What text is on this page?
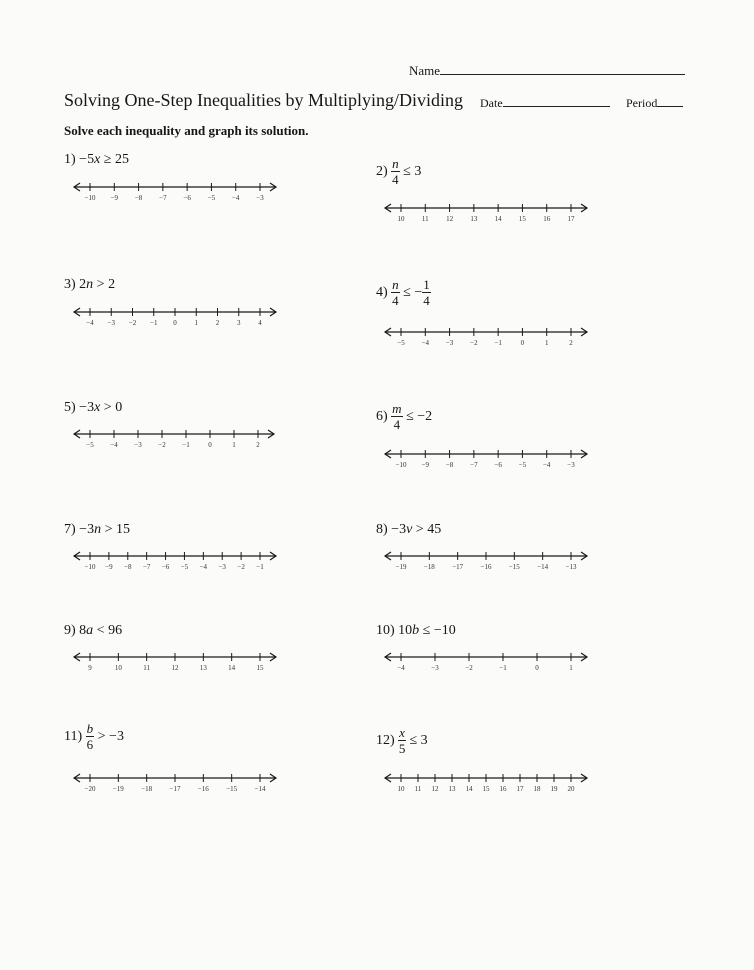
Name
Solving One-Step Inequalities by Multiplying/Dividing Date	Period
Solve each inequality and graph its solution.
1) −5x ≥ 25
−10 −9 −8 −7 −6 −5 −4 −3
3) 2n > 2
−4 −3 −2 −1 0	1	2	3	4
5) −3x > 0
−5 −4 −3 −2 −1	0	1	2
7) −3n > 15
−10 −9 −8 −7 −6 −5 −4 −3 −2 −1
9) 8a < 96
9	10	11	12	13	14	15
$11) \frac{b}{6} > -3$
−20 −19 −18 −17 −16 −15 −14
$2) \frac{n}{4} \le 3$
10 11 12 13 14 15 16 17
$4) \frac{n}{4}$ ≤ − $\frac{1}{4}$
−5 −4 −3 −2 −1	0	1	2
$6) \frac{m}{4} \le -2$
−10 −9 −8 −7 −6 −5 −4 −3
8) −3v > 45
−19 −18 −17 −16 −15 −14 −13
10) 10b ≤ −10
−4	−3	−2	−1	0	1
$12) \frac{x}{5} \le 3$
10 11 12 13 14 15 16 17 18 19 20
